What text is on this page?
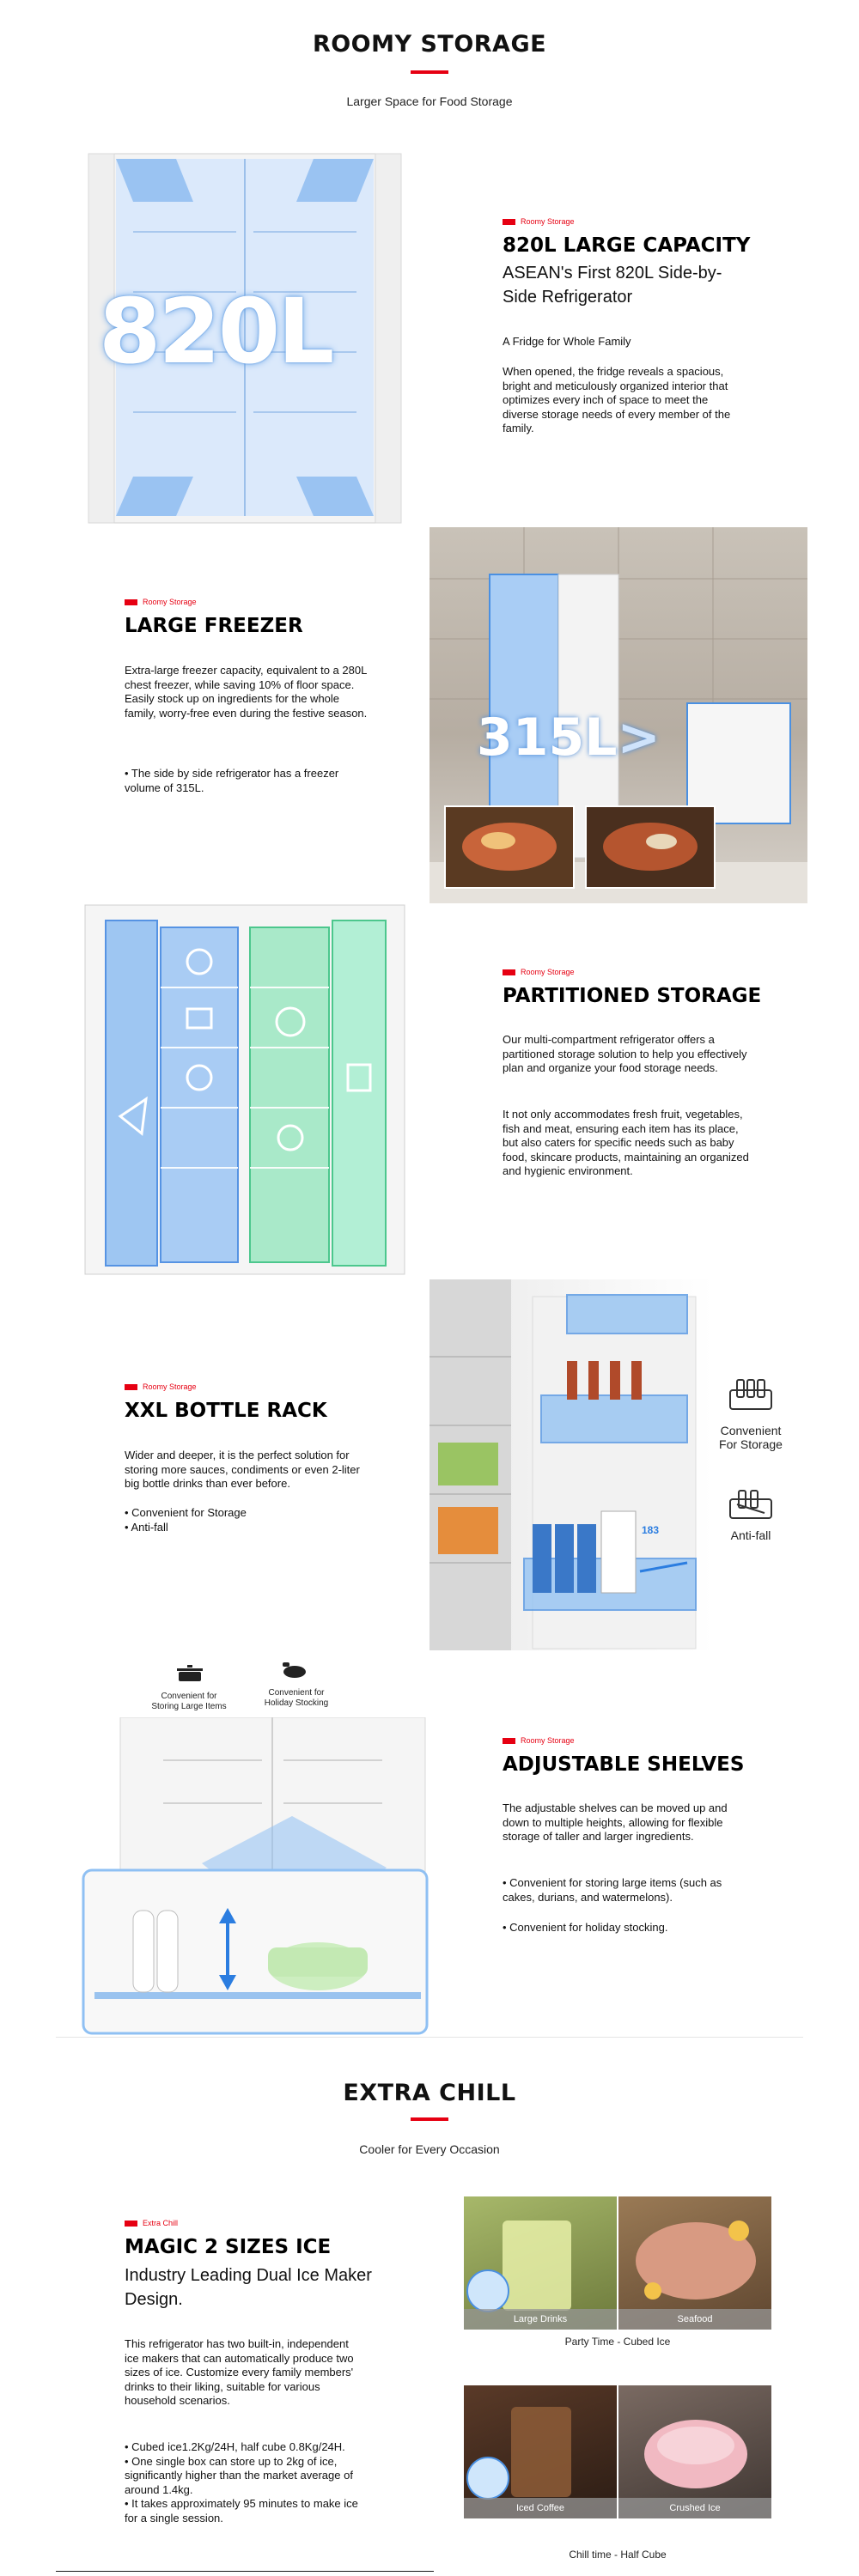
ROOMY STORAGE
Larger Space for Food Storage
820L
Roomy Storage
820L LARGE CAPACITY
ASEAN's First 820L Side-by-Side Refrigerator
A Fridge for Whole Family
When opened, the fridge reveals a spacious, bright and meticulously organized interior that optimizes every inch of space to meet the diverse storage needs of every member of the family.
Roomy Storage
LARGE FREEZER
Extra-large freezer capacity, equivalent to a 280L chest freezer, while saving 10% of floor space.
Easily stock up on ingredients for the whole family, worry-free even during the festive season.
• The side by side refrigerator has a freezer volume of 315L.
315L>
Roomy Storage
PARTITIONED STORAGE
Our multi-compartment refrigerator offers a partitioned storage solution to help you effectively plan and organize your food storage needs.
It not only accommodates fresh fruit, vegetables, fish and meat, ensuring each item has its place, but also caters for specific needs such as baby food, skincare products, maintaining an organized and hygienic environment.
Roomy Storage
XXL BOTTLE RACK
Wider and deeper, it is the perfect solution for storing more sauces, condiments or even 2-liter big bottle drinks than ever before.
• Convenient for Storage
• Anti-fall	183
Convenient
For Storage
Anti-fall
Convenient for
Storing Large Items
Convenient for
Holiday Stocking
Roomy Storage
ADJUSTABLE SHELVES
The adjustable shelves can be moved up and down to multiple heights, allowing for flexible storage of taller and larger ingredients.
• Convenient for storing large items (such as cakes, durians, and watermelons).
• Convenient for holiday stocking.
EXTRA CHILL
Cooler for Every Occasion
Extra Chill
MAGIC 2 SIZES ICE
Industry Leading Dual Ice Maker Design.
This refrigerator has two built-in, independent ice makers that can automatically produce two sizes of ice. Customize every family members' drinks to their liking, suitable for various household scenarios.
• Cubed ice1.2Kg/24H, half cube 0.8Kg/24H.
• One single box can store up to 2kg of ice, significantly higher than the market average of around 1.4kg.
• It takes approximately 95 minutes to make ice for a single session.
Large Drinks	Seafood
Party Time - Cubed Ice
Iced Coffee	Crushed Ice
Chill time - Half Cube
